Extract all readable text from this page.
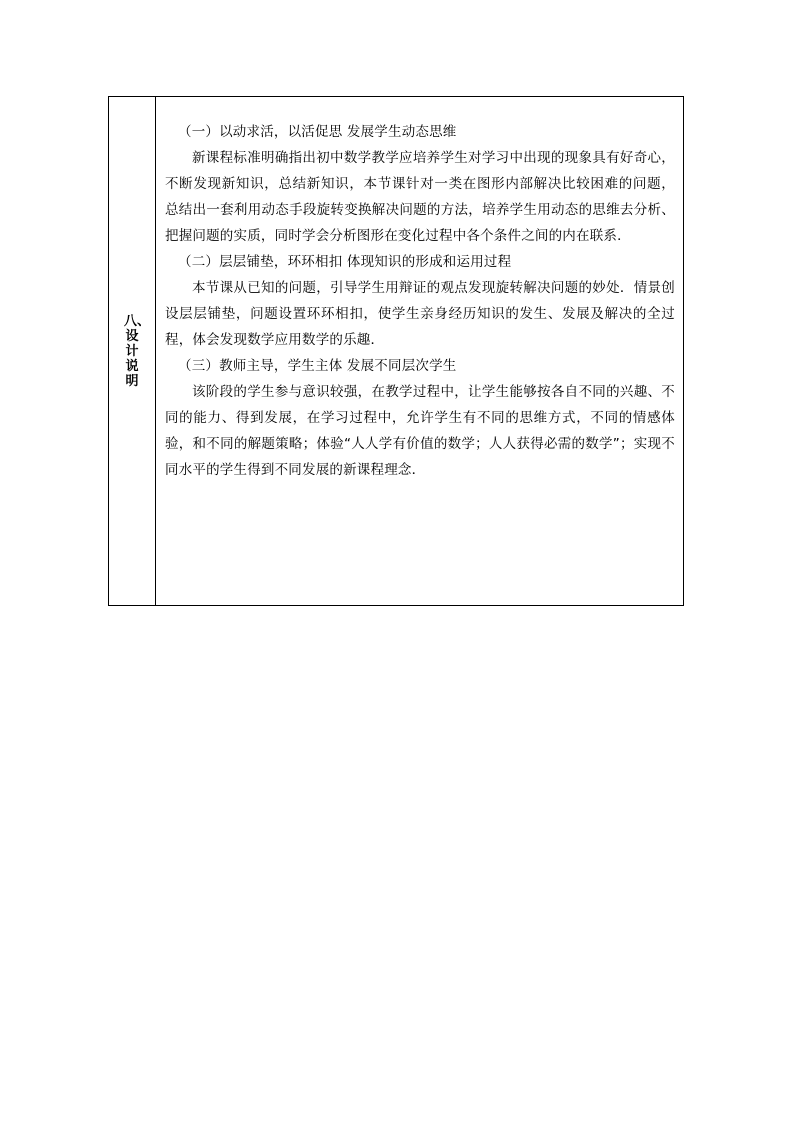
八、设计说明

（一）以动求活，以活促思 发展学生动态思维

新课程标准明确指出初中数学教学应培养学生对学习中出现的现象具有好奇心，不断发现新知识，总结新知识，本节课针对一类在图形内部解决比较困难的问题， 总结出一套利用动态手段旋转变换解决问题的方法，培养学生用动态的思维去分析、把握问题的实质，同时学会分析图形在变化过程中各个条件之间的内在联系．

（二）层层铺垫，环环相扣 体现知识的形成和运用过程

本节课从已知的问题，引导学生用辩证的观点发现旋转解决问题的妙处．情景创设层层铺垫，问题设置环环相扣，使学生亲身经历知识的发生、发展及解决的全过程，体会发现数学应用数学的乐趣．

（三）教师主导，学生主体 发展不同层次学生

该阶段的学生参与意识较强，在教学过程中，让学生能够按各自不同的兴趣、不同的能力、得到发展，在学习过程中，允许学生有不同的思维方式，不同的情感体验，和不同的解题策略；体验“人人学有价值的数学；人人获得必需的数学”；实现不同水平的学生得到不同发展的新课程理念．
